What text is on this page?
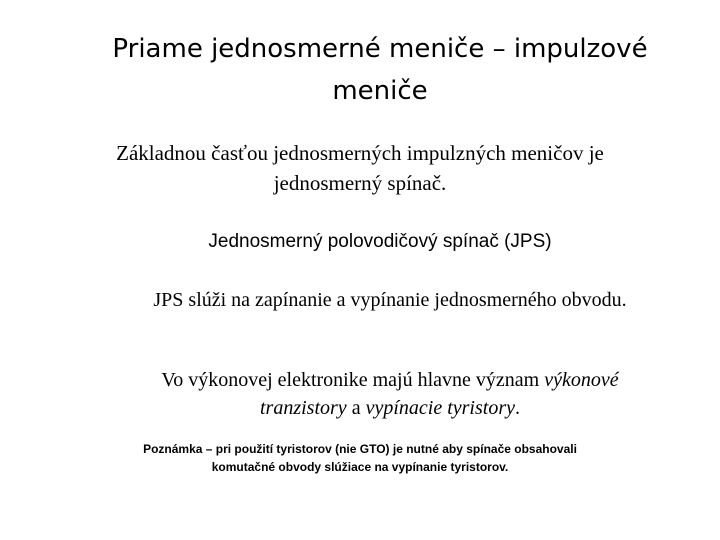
Priame jednosmerné meniče – impulzové
meniče
Základnou časťou jednosmerných impulzných meničov je
jednosmerný spínač.
Jednosmerný polovodičový spínač (JPS)
JPS slúži na zapínanie a vypínanie jednosmerného obvodu.
Vo výkonovej elektronike majú hlavne význam výkonové
tranzistory a vypínacie tyristory.
Poznámka – pri použití tyristorov (nie GTO) je nutné aby spínače obsahovali
komutačné obvody slúžiace na vypínanie tyristorov.
